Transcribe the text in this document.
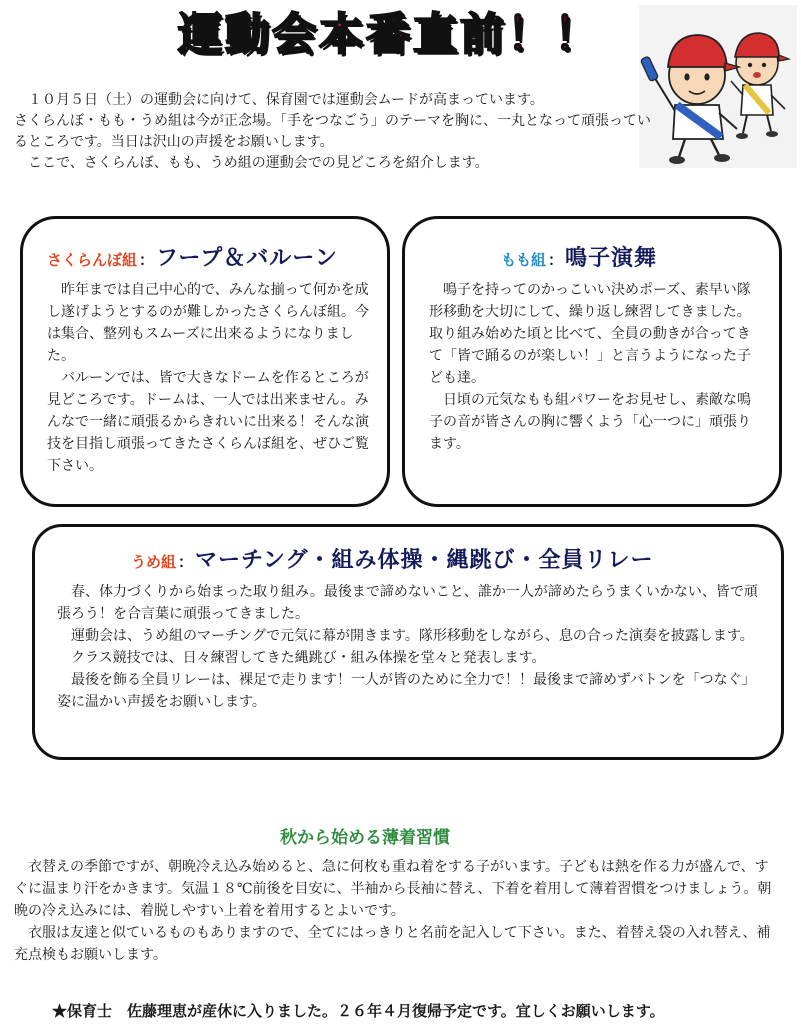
運動会本番直前！！

　１０月５日（土）の運動会に向けて、保育園では運動会ムードが高まっています。

さくらんぼ・もも・うめ組は今が正念場。「手をつなごう」のテーマを胸に、一丸となって頑張っているところです。当日は沢山の声援をお願いします。

　ここで、さくらんぼ、もも、うめ組の運動会での見どころを紹介します。

さくらんぼ組 ：フープ＆バルーン

　昨年までは自己中心的で、みんな揃って何かを成し遂げようとするのが難しかったさくらんぼ組。今は集合、整列もスムーズに出来るようになりました。

　バルーンでは、皆で大きなドームを作るところが見どころです。ドームは、一人では出来ません。みんなで一緒に頑張るからきれいに出来る！そんな演技を目指し頑張ってきたさくらんぼ組を、ぜひご覧下さい。

もも組 ：鳴子演舞

　鳴子を持ってのかっこいい決めポーズ、素早い隊形移動を大切にして、繰り返し練習してきました。取り組み始めた頃と比べて、全員の動きが合ってきて「皆で踊るのが楽しい！」と言うようになった子ども達。

　日頃の元気なもも組パワーをお見せし、素敵な鳴子の音が皆さんの胸に響くよう「心一つに」頑張ります。

うめ組 ：マーチング・組み体操・縄跳び・全員リレー

　春、体力づくりから始まった取り組み。最後まで諦めないこと、誰か一人が諦めたらうまくいかない、皆で頑張ろう！を合言葉に頑張ってきました。

　運動会は、うめ組のマーチングで元気に幕が開きます。隊形移動をしながら、息の合った演奏を披露します。

　クラス競技では、日々練習してきた縄跳び・組み体操を堂々と発表します。

　最後を飾る全員リレーは、裸足で走ります！一人が皆のために全力で！！最後まで諦めずバトンを「つなぐ」姿に温かい声援をお願いします。

秋から始める薄着習慣

　衣替えの季節ですが、朝晩冷え込み始めると、急に何枚も重ね着をする子がいます。子どもは熱を作る力が盛んで、すぐに温まり汗をかきます。気温１８℃前後を目安に、半袖から長袖に替え、下着を着用して薄着習慣をつけましょう。朝晩の冷え込みには、着脱しやすい上着を着用するとよいです。

　衣服は友達と似ているものもありますので、全てにはっきりと名前を記入して下さい。また、着替え袋の入れ替え、補充点検もお願いします。

★保育士　佐藤理恵が産休に入りました。２６年４月復帰予定です。宜しくお願いします。
